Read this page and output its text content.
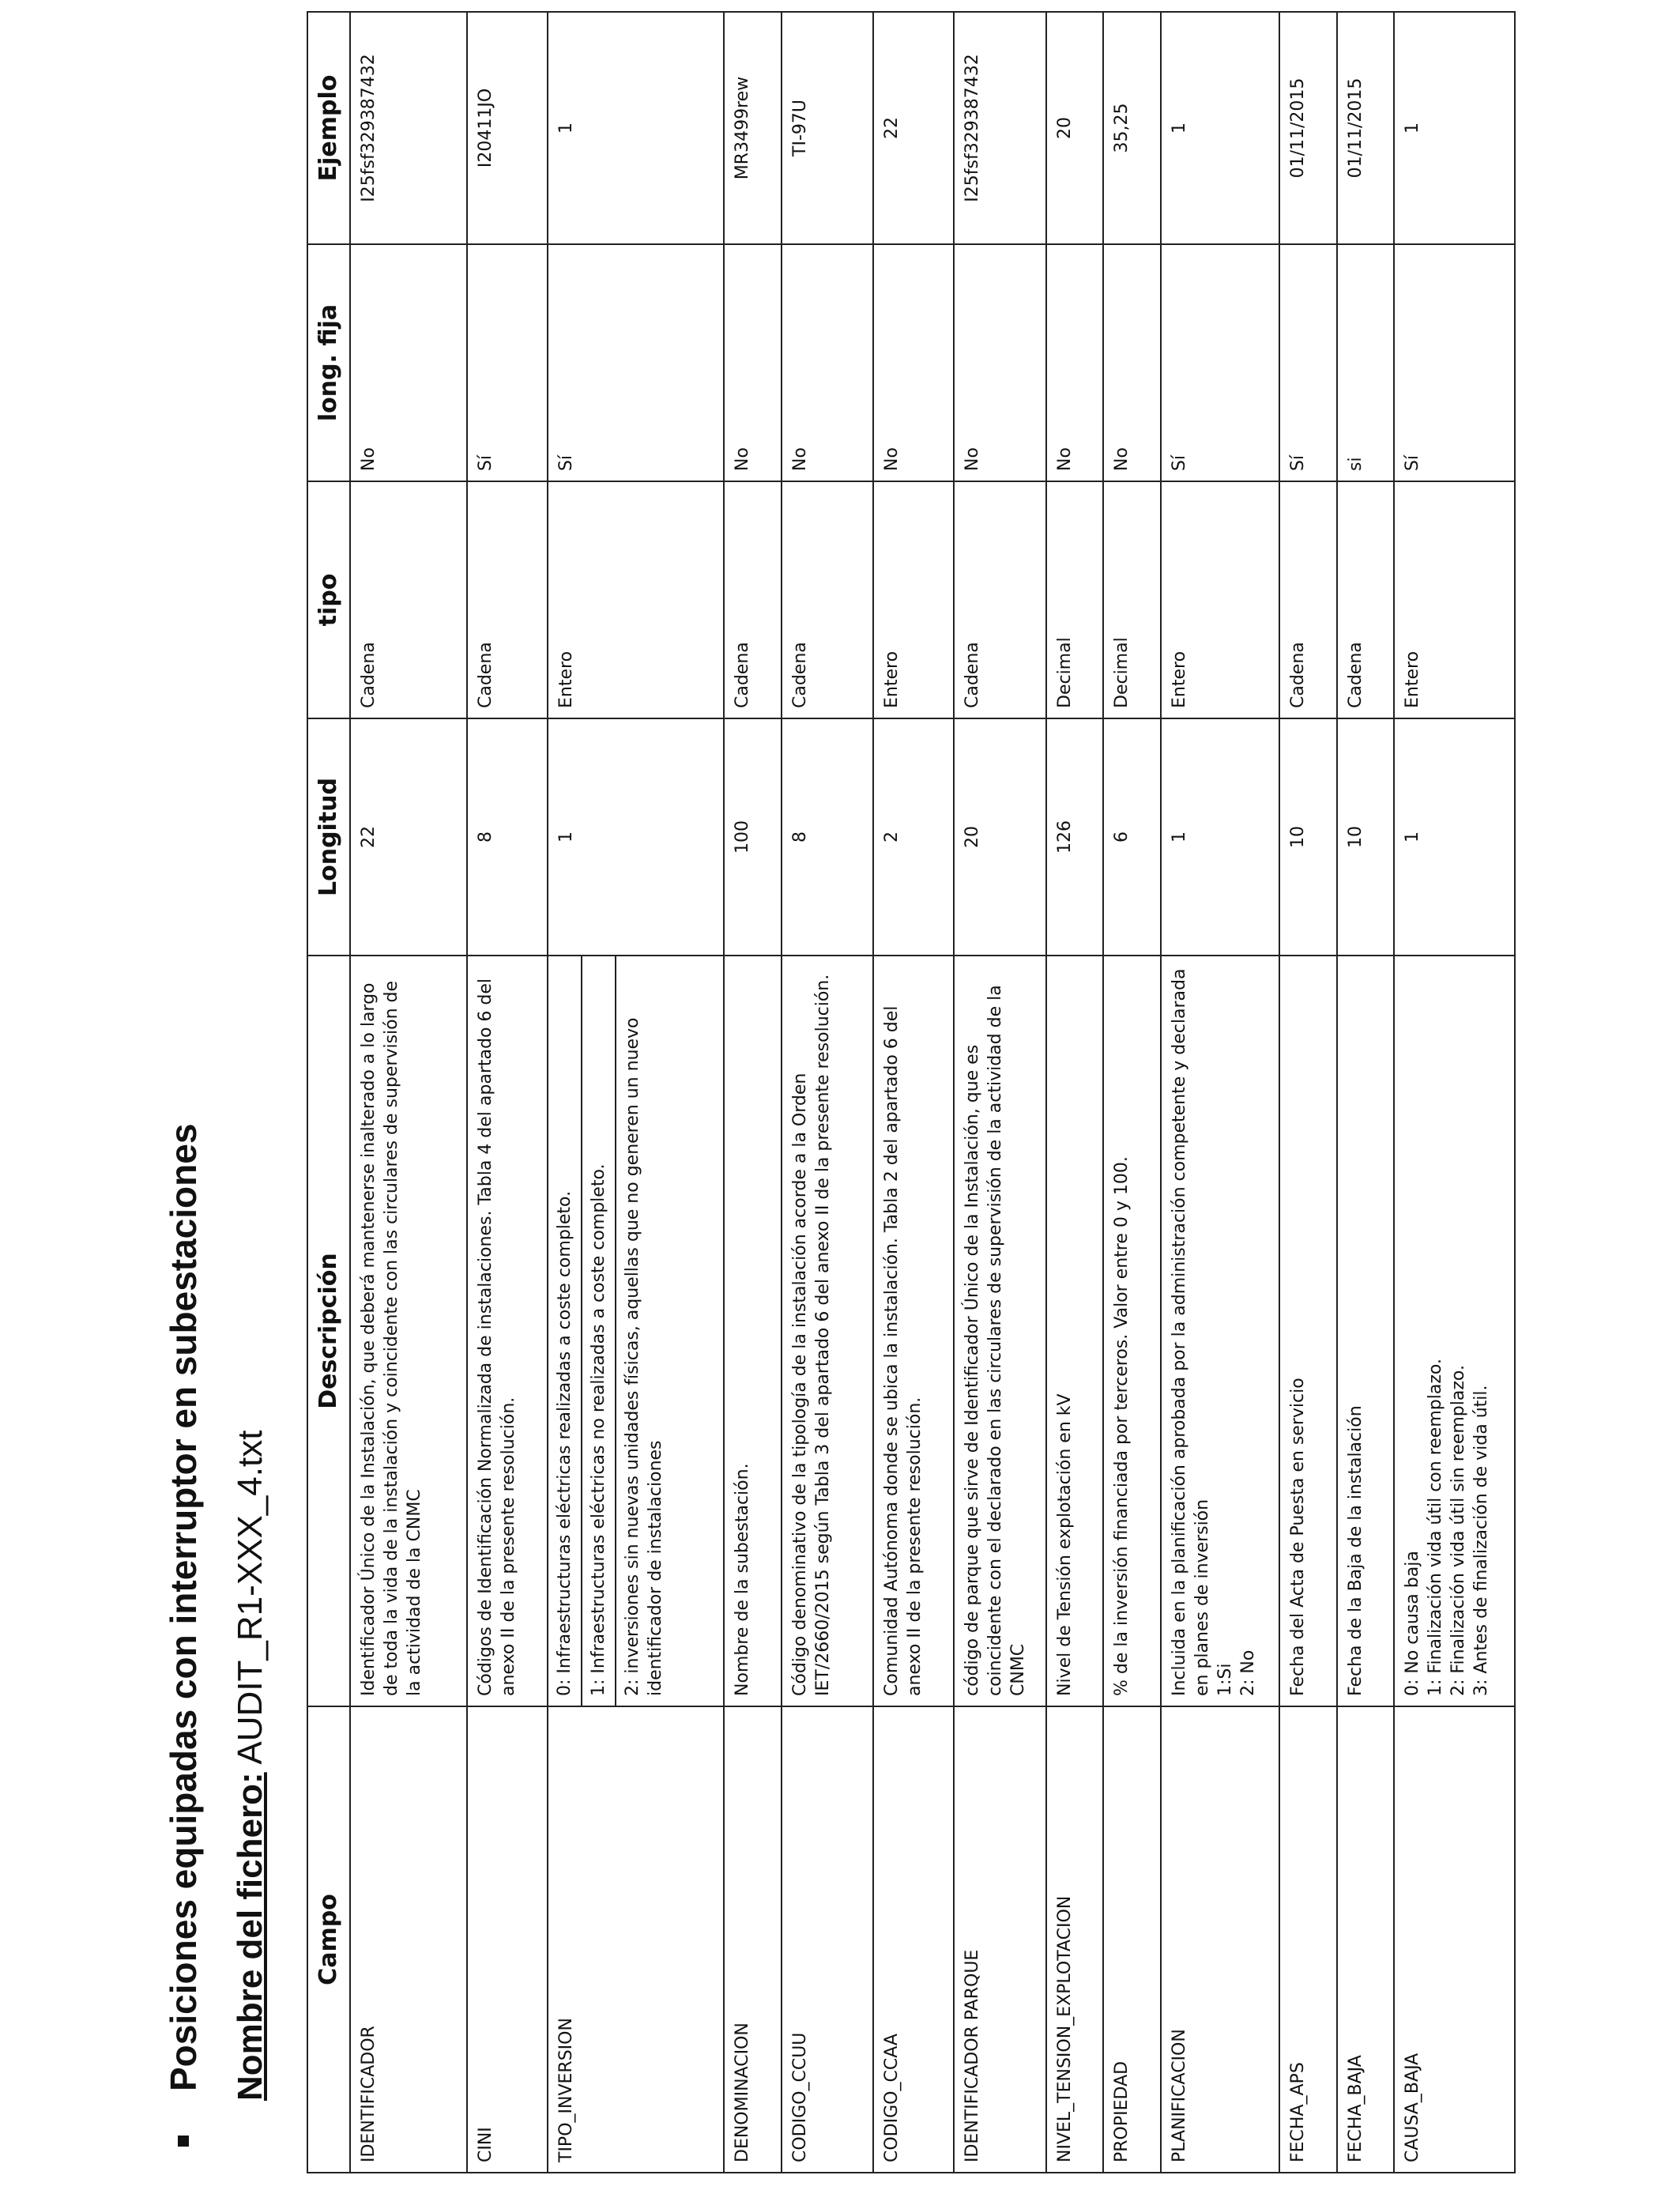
Posiciones equipadas con interruptor en subestaciones Nombre del fichero: AUDIT_R1-XXX_4.txt
Campo	Descripción	Longitud	tipo	long. fija	Ejemplo
IDENTIFICADOR	Identificador Único de la Instalación, que deberá mantenerse inalterado a lo largo de toda la vida de la instalación y coincidente con las circulares de supervisión de la actividad de la CNMC	22	Cadena	No	I25fsf329387432
CINI	Códigos de Identificación Normalizada de instalaciones. Tabla 4 del apartado 6 del anexo II de la presente resolución.	8	Cadena	Sí	I20411JO
TIPO_INVERSION	0: Infraestructuras eléctricas realizadas a coste completo. 1: Infraestructuras eléctricas no realizadas a coste completo. 2: inversiones sin nuevas unidades físicas, aquellas que no generen un nuevo identificador de instalaciones	1	Entero	Sí	1
DENOMINACION	Nombre de la subestación.	100	Cadena	No	MR3499rew
CODIGO_CCUU	Código denominativo de la tipología de la instalación acorde a la Orden IET/2660/2015 según Tabla 3 del apartado 6 del anexo II de la presente resolución.	8	Cadena	No	TI-97U
CODIGO_CCAA	Comunidad Autónoma donde se ubica la instalación. Tabla 2 del apartado 6 del anexo II de la presente resolución.	2	Entero	No	22
IDENTIFICADOR PARQUE	código de parque que sirve de Identificador Único de la Instalación, que es coincidente con el declarado en las circulares de supervisión de la actividad de la CNMC	20	Cadena	No	I25fsf329387432
NIVEL_TENSION_EXPLOTACION	Nivel de Tensión explotación en kV	126	Decimal	No	20
PROPIEDAD	% de la inversión financiada por terceros. Valor entre 0 y 100.	6	Decimal	No	35,25
PLANIFICACION	Incluida en la planificación aprobada por la administración competente y declarada en planes de inversión 1:Si 2: No	1	Entero	Sí	1
FECHA_APS	Fecha del Acta de Puesta en servicio	10	Cadena	Sí	01/11/2015
FECHA_BAJA	Fecha de la Baja de la instalación	10	Cadena	si	01/11/2015
CAUSA_BAJA	0: No causa baja 1: Finalización vida útil con reemplazo. 2: Finalización vida útil sin reemplazo. 3: Antes de finalización de vida útil.	1	Entero	Sí	1
